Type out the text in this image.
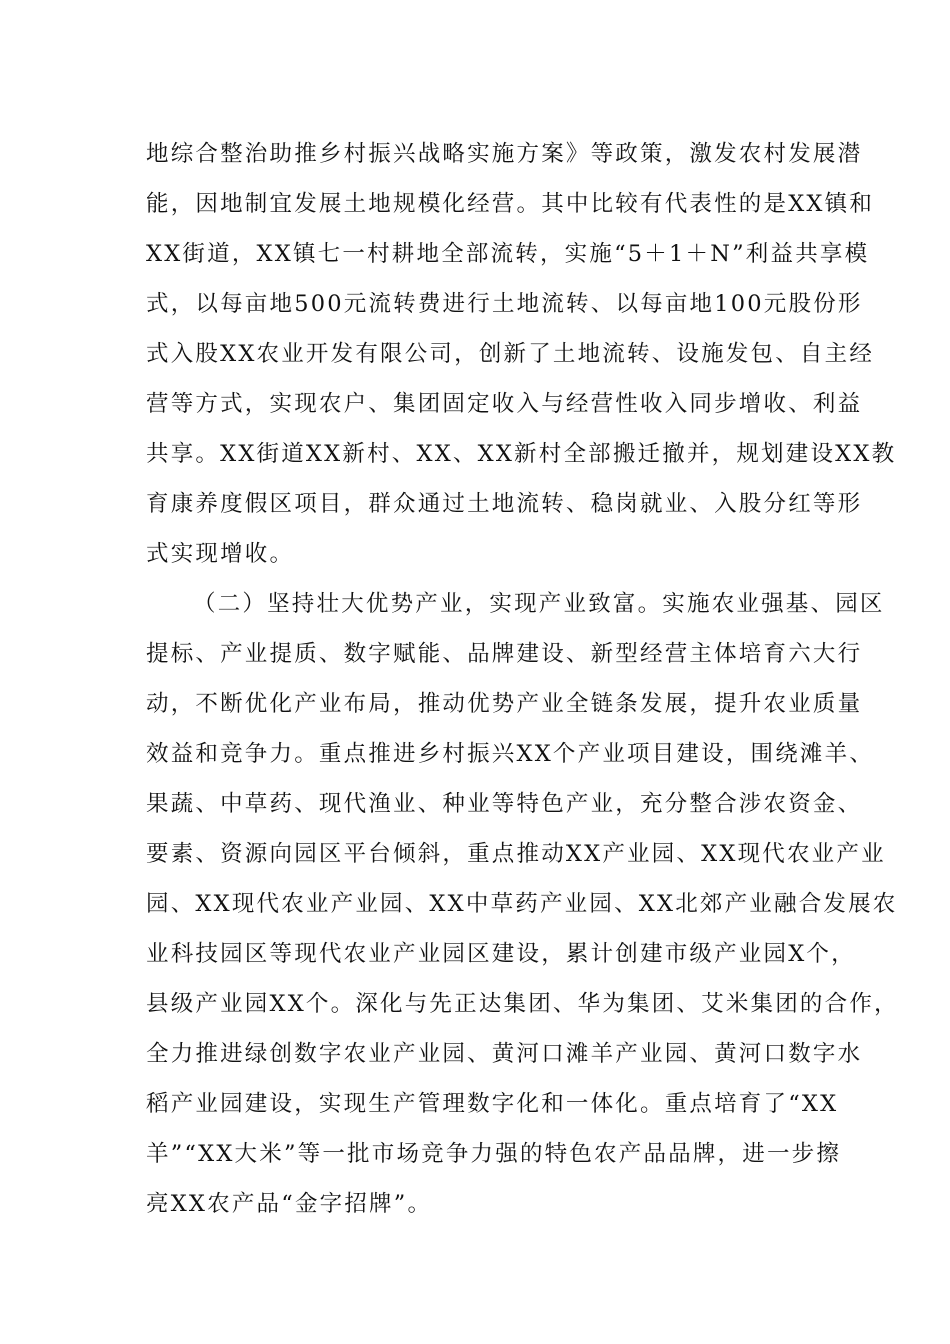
地综合整治助推乡村振兴战略实施方案》等政策，激发农村发展潜
能，因地制宜发展土地规模化经营。其中比较有代表性的是XX镇和
XX街道，XX镇七一村耕地全部流转，实施“5＋1＋N”利益共享模
式，以每亩地500元流转费进行土地流转、以每亩地100元股份形
式入股XX农业开发有限公司，创新了土地流转、设施发包、自主经
营等方式，实现农户、集团固定收入与经营性收入同步增收、利益
共享。XX街道XX新村、XX、XX新村全部搬迁撤并，规划建设XX教
育康养度假区项目，群众通过土地流转、稳岗就业、入股分红等形
式实现增收。
（二）坚持壮大优势产业，实现产业致富。实施农业强基、园区
提标、产业提质、数字赋能、品牌建设、新型经营主体培育六大行
动，不断优化产业布局，推动优势产业全链条发展，提升农业质量
效益和竞争力。重点推进乡村振兴XX个产业项目建设，围绕滩羊、
果蔬、中草药、现代渔业、种业等特色产业，充分整合涉农资金、
要素、资源向园区平台倾斜，重点推动XX产业园、XX现代农业产业
园、XX现代农业产业园、XX中草药产业园、XX北郊产业融合发展农
业科技园区等现代农业产业园区建设，累计创建市级产业园X个，
县级产业园XX个。深化与先正达集团、华为集团、艾米集团的合作，
全力推进绿创数字农业产业园、黄河口滩羊产业园、黄河口数字水
稻产业园建设，实现生产管理数字化和一体化。重点培育了“XX
羊”“XX大米”等一批市场竞争力强的特色农产品品牌，进一步擦
亮XX农产品“金字招牌”。
